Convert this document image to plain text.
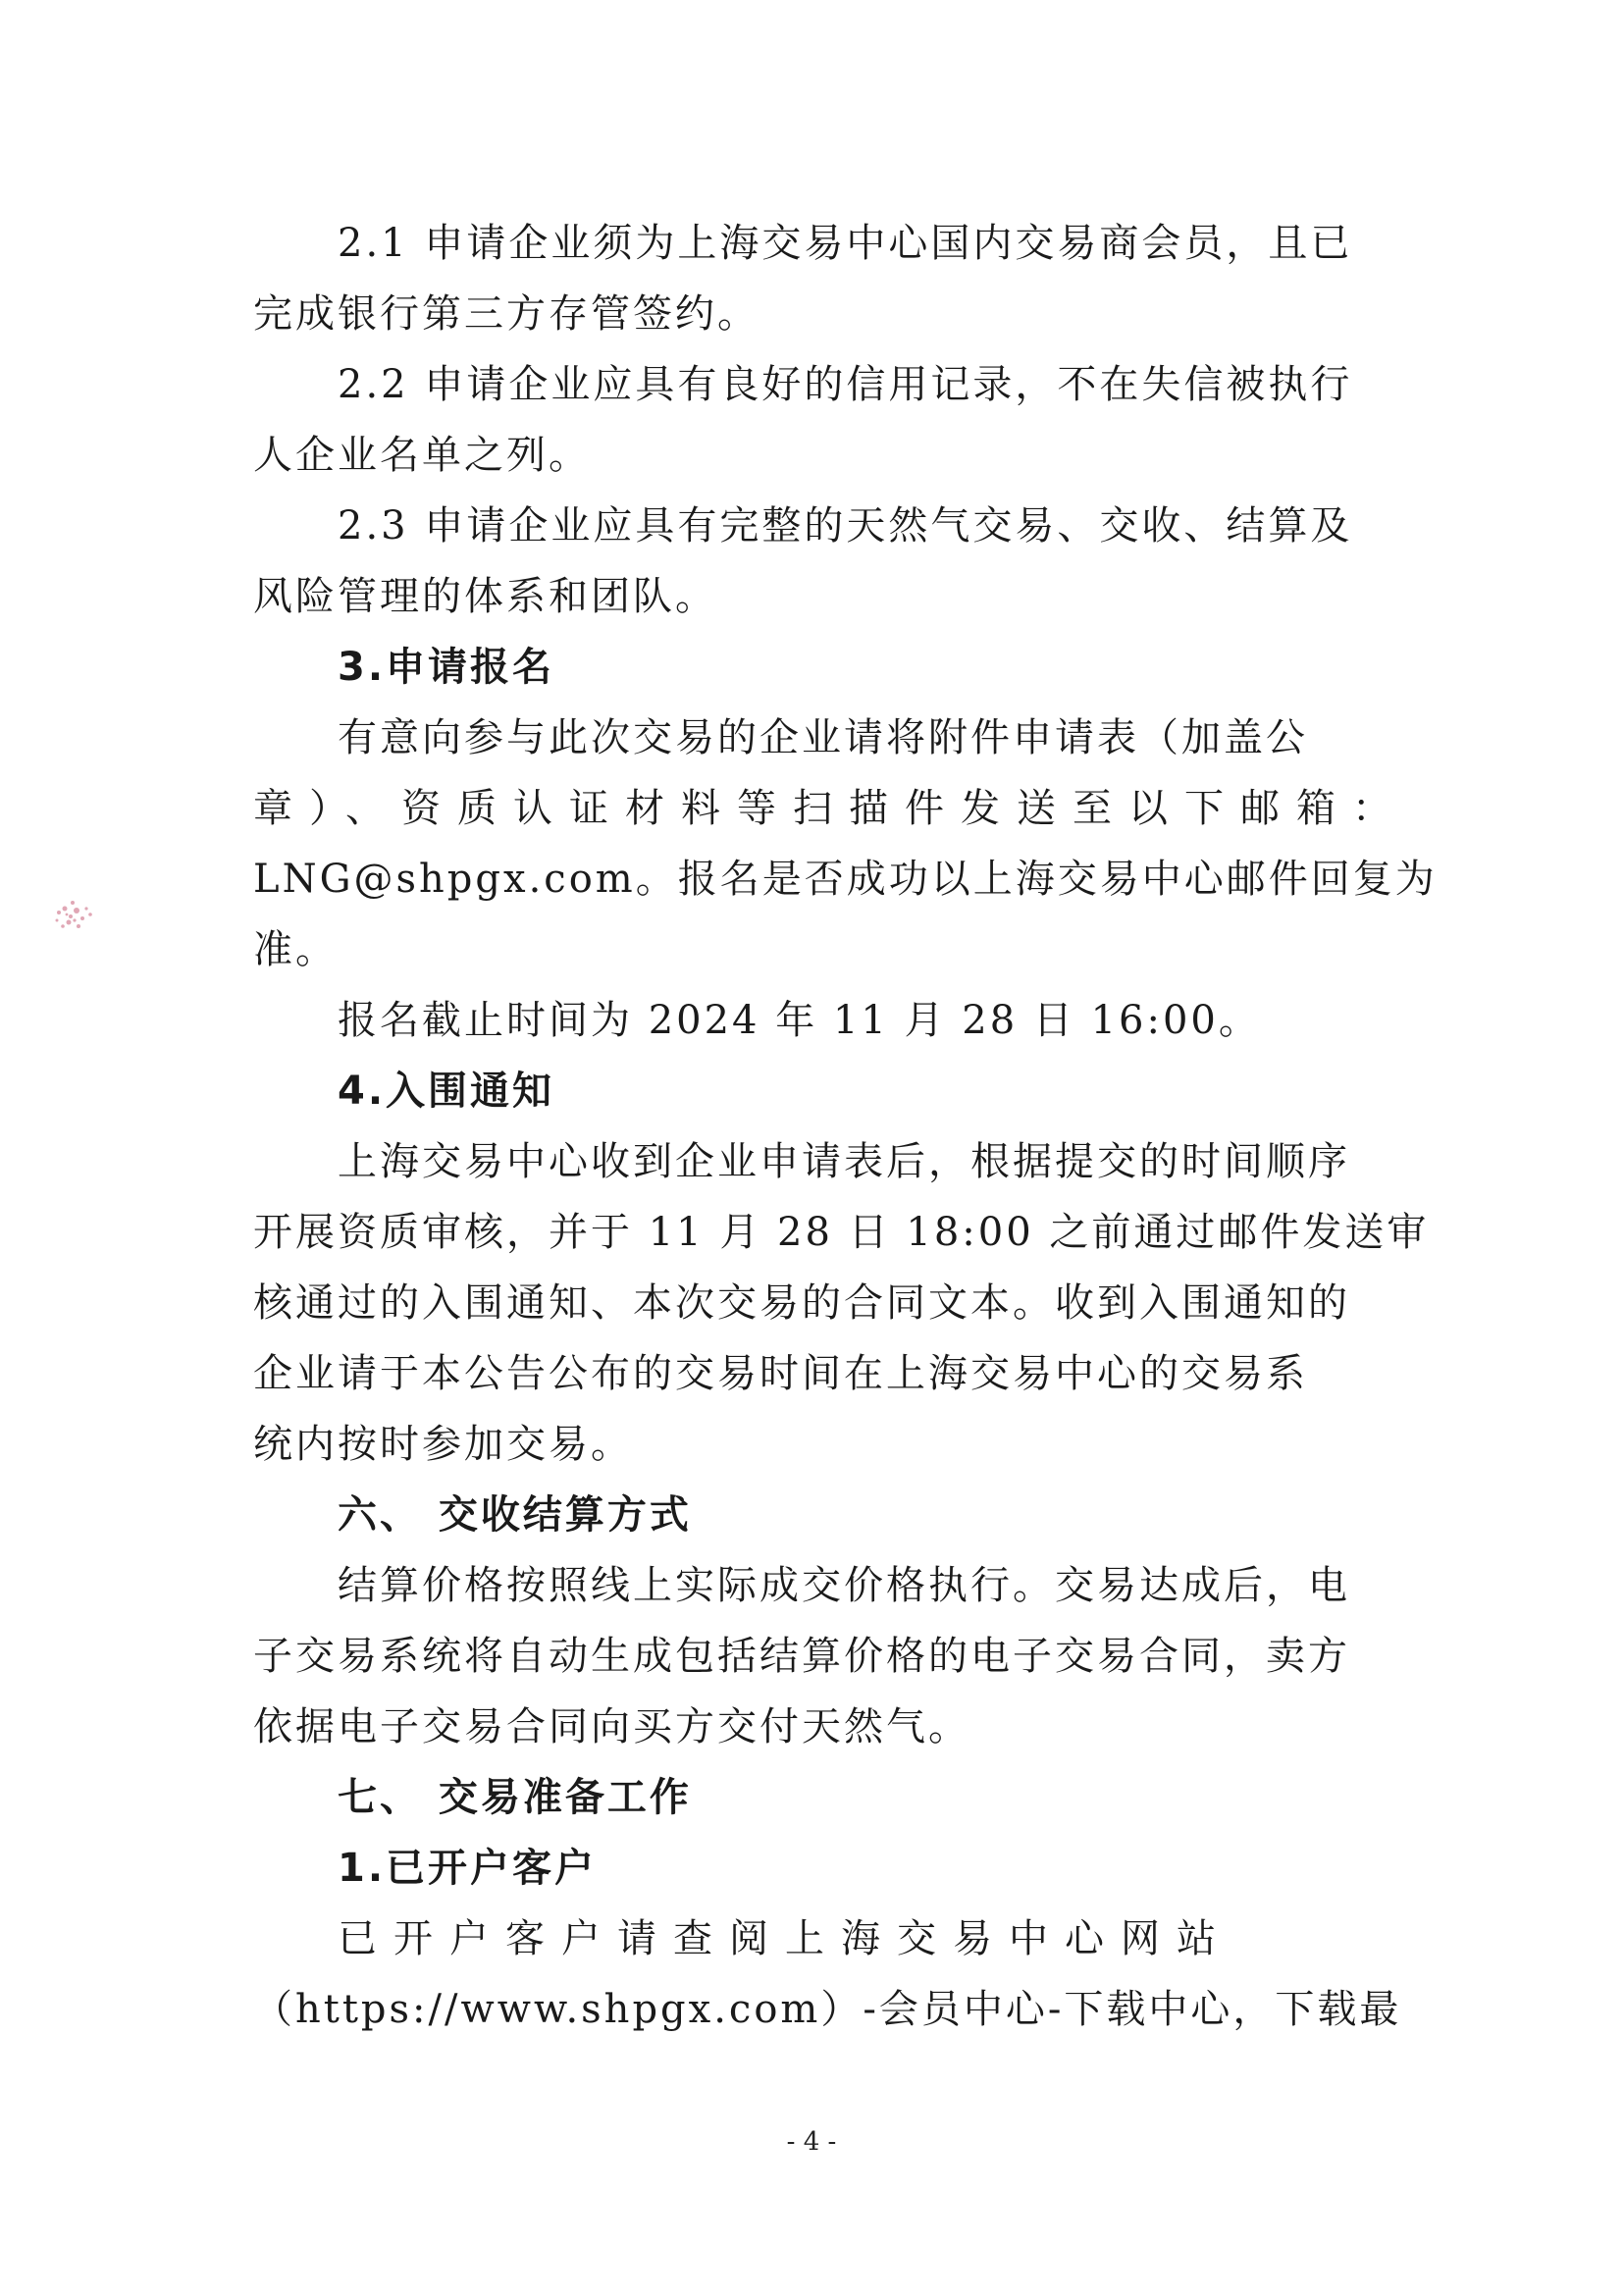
2.1 申请企业须为上海交易中心国内交易商会员，且已
完成银行第三方存管签约。
2.2 申请企业应具有良好的信用记录，不在失信被执行
人企业名单之列。
2.3 申请企业应具有完整的天然气交易、交收、结算及
风险管理的体系和团队。
3.申请报名
有意向参与此次交易的企业请将附件申请表（加盖公
章）、资质认证材料等扫描件发送至以下邮箱：
LNG@shpgx.com。报名是否成功以上海交易中心邮件回复为
准。
报名截止时间为 2024 年 11 月 28 日 16:00。
4.入围通知
上海交易中心收到企业申请表后，根据提交的时间顺序
开展资质审核，并于 11 月 28 日 18:00 之前通过邮件发送审
核通过的入围通知、本次交易的合同文本。收到入围通知的
企业请于本公告公布的交易时间在上海交易中心的交易系
统内按时参加交易。
六、 交收结算方式
结算价格按照线上实际成交价格执行。交易达成后，电
子交易系统将自动生成包括结算价格的电子交易合同，卖方
依据电子交易合同向买方交付天然气。
七、 交易准备工作
1.已开户客户
已开户客户请查阅上海交易中心网站
（https://www.shpgx.com）-会员中心-下载中心，下载最
- 4 -
